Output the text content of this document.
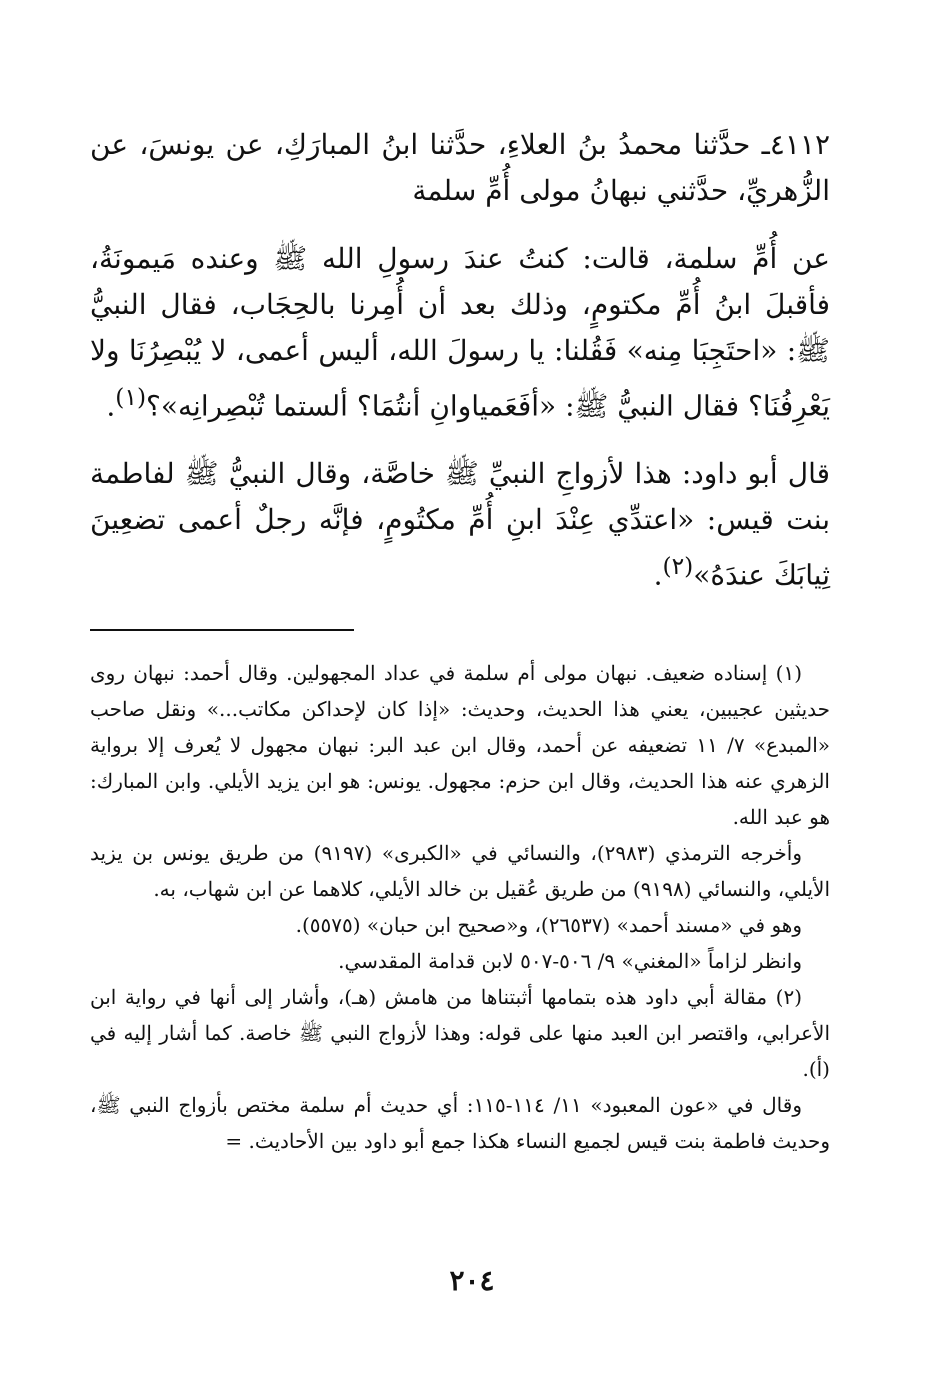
٤١١٢ـ حدَّثنا محمدُ بنُ العلاءِ، حدَّثنا ابنُ المبارَكِ، عن يونسَ، عن الزُّهريِّ، حدَّثني نبهانُ مولى أُمِّ سلمة

عن أُمِّ سلمة، قالت: كنتُ عندَ رسولِ الله ﷺ وعنده مَيمونَةُ، فأقبلَ ابنُ أُمِّ مكتومٍ، وذلك بعد أن أُمِرنا بالحِجَاب، فقال النبيُّ ﷺ: «احتَجِبَا مِنه» فَقُلنا: يا رسولَ الله، أليس أعمى، لا يُبْصِرُنَا ولا يَعْرِفُنَا؟ فقال النبيُّ ﷺ: «أفَعَمياوانِ أنتُمَا؟ ألستما تُبْصِرانِه»؟$^{(١)}$.

قال أبو داود: هذا لأزواجِ النبيِّ ﷺ خاصَّة، وقال النبيُّ ﷺ لفاطمة بنت قيس: «اعتدِّي عِنْدَ ابنِ أُمِّ مكتُومٍ، فإنَّه رجلٌ أعمى تضعِينَ ثِيابَكَ عندَهُ»$^{(٢)}$.

(١) إسناده ضعيف. نبهان مولى أم سلمة في عداد المجهولين. وقال أحمد: نبهان روى حديثين عجيبين، يعني هذا الحديث، وحديث: «إذا كان لإحداكن مكاتب...» ونقل صاحب «المبدع» ٧/ ١١ تضعيفه عن أحمد، وقال ابن عبد البر: نبهان مجهول لا يُعرف إلا برواية الزهري عنه هذا الحديث، وقال ابن حزم: مجهول. يونس: هو ابن يزيد الأيلي. وابن المبارك: هو عبد الله.

وأخرجه الترمذي (٢٩٨٣)، والنسائي في «الكبرى» (٩١٩٧) من طريق يونس بن يزيد الأيلي، والنسائي (٩١٩٨) من طريق عُقيل بن خالد الأيلي، كلاهما عن ابن شهاب، به.

وهو في «مسند أحمد» (٢٦٥٣٧)، و«صحيح ابن حبان» (٥٥٧٥).

وانظر لزاماً «المغني» ٩/ ٥٠٦-٥٠٧ لابن قدامة المقدسي.

(٢) مقالة أبي داود هذه بتمامها أثبتناها من هامش (هـ)، وأشار إلى أنها في رواية ابن الأعرابي، واقتصر ابن العبد منها على قوله: وهذا لأزواج النبي ﷺ خاصة. كما أشار إليه في (أ).

وقال في «عون المعبود» ١١/ ١١٤-١١٥: أي حديث أم سلمة مختص بأزواج النبي ﷺ، وحديث فاطمة بنت قيس لجميع النساء هكذا جمع أبو داود بين الأحاديث. =

٢٠٤
